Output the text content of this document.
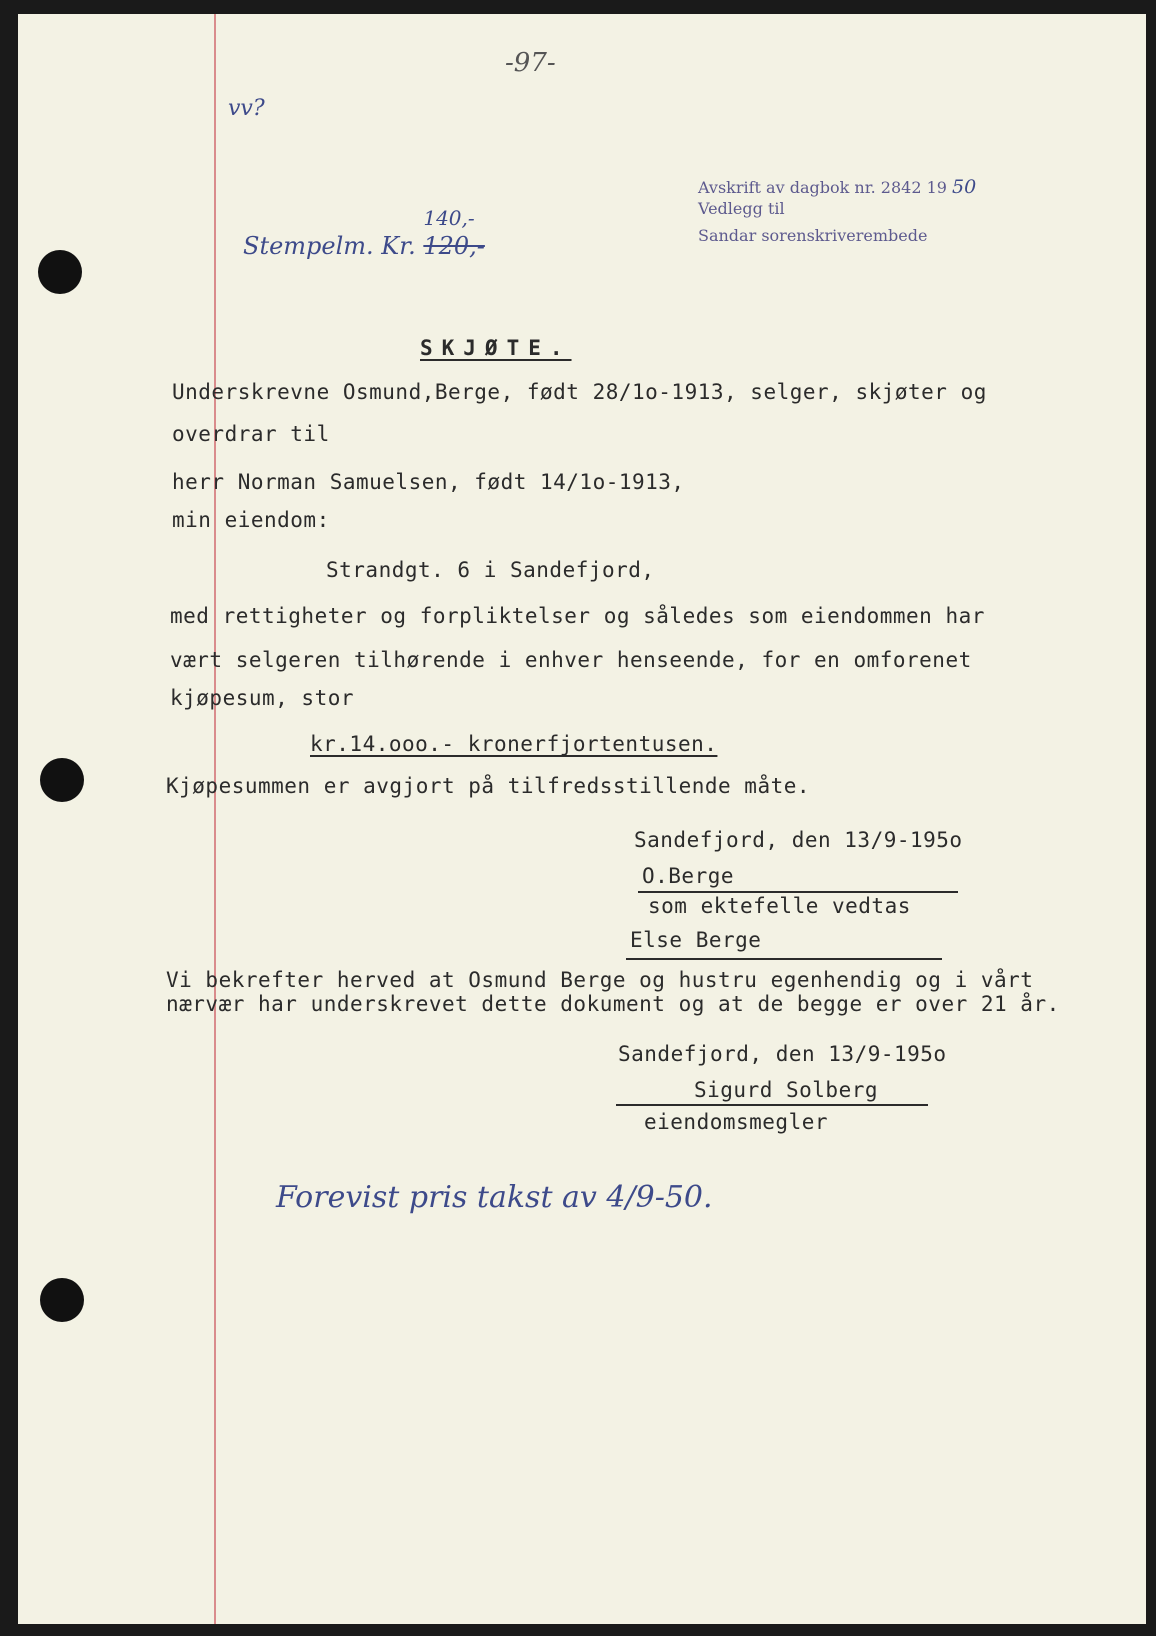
-97-
vv?
Avskrift av dagbok nr. 2842 19 50
Vedlegg til
Sandar sorenskriverembede
Stempelm. Kr.
140,-
120,-
SKJØTE.
Underskrevne Osmund,Berge, født 28/1o-1913, selger, skjøter og
overdrar til
herr Norman Samuelsen, født 14/1o-1913,
min eiendom:
Strandgt. 6 i Sandefjord,
med rettigheter og forpliktelser og således som eiendommen har
vært selgeren tilhørende i enhver henseende, for en omforenet
kjøpesum, stor
kr.14.ooo.- kronerfjortentusen.
Kjøpesummen er avgjort på tilfredsstillende måte.
Sandefjord, den 13/9-195o
O.Berge
som ektefelle vedtas
Else Berge
Vi bekrefter herved at Osmund Berge og hustru egenhendig og i vårt
nærvær har underskrevet dette dokument og at de begge er over 21 år.
Sandefjord, den 13/9-195o
Sigurd Solberg
eiendomsmegler
Forevist pris takst av 4/9-50.
